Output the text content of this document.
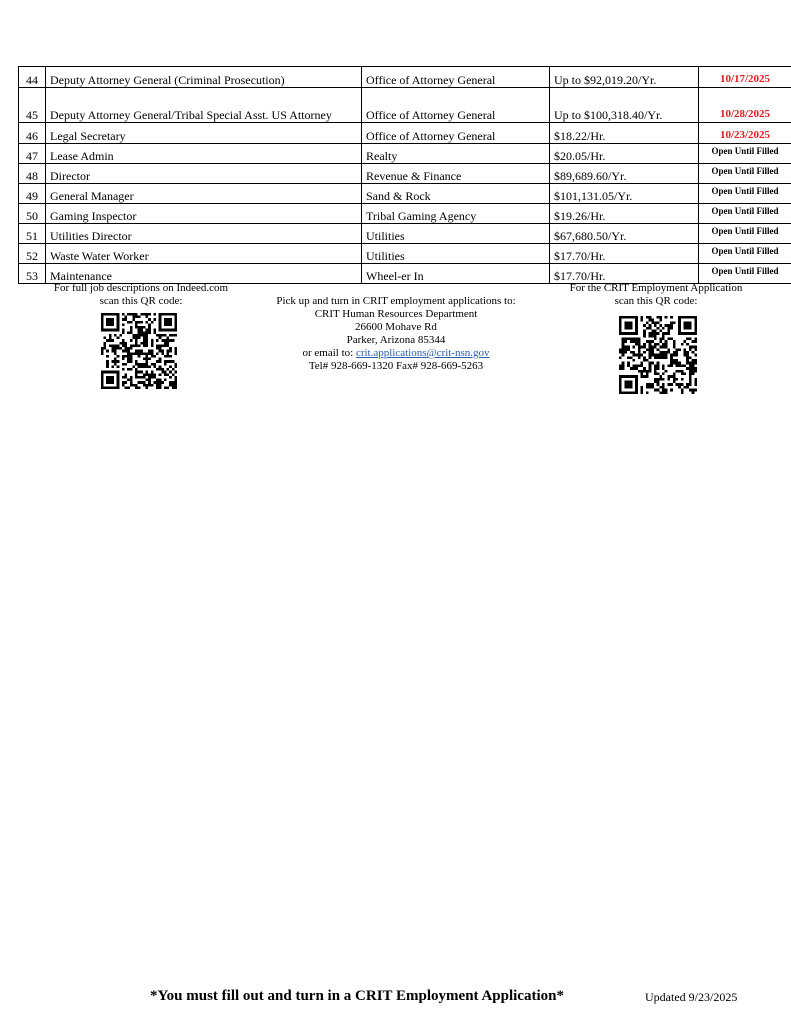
44	Deputy Attorney General (Criminal Prosecution)	Office of Attorney General	Up to $92,019.20/Yr.	10/17/2025
45	Deputy Attorney General/Tribal Special Asst. US Attorney	Office of Attorney General	Up to $100,318.40/Yr.	10/28/2025
46	Legal Secretary	Office of Attorney General	$18.22/Hr.	10/23/2025
47	Lease Admin	Realty	$20.05/Hr.	Open Until Filled
48	Director	Revenue & Finance	$89,689.60/Yr.	Open Until Filled
49	General Manager	Sand & Rock	$101,131.05/Yr.	Open Until Filled
50	Gaming Inspector	Tribal Gaming Agency	$19.26/Hr.	Open Until Filled
51	Utilities Director	Utilities	$67,680.50/Yr.	Open Until Filled
52	Waste Water Worker	Utilities	$17.70/Hr.	Open Until Filled
53	Maintenance	Wheel-er In	$17.70/Hr.	Open Until Filled
For full job descriptions on Indeed.com
scan this QR code:	Pick up and turn in CRIT employment applications to:
CRIT Human Resources Department
26600 Mohave Rd
Parker, Arizona 85344
or email to: crit.applications@crit-nsn.gov
Tel# 928-669-1320 Fax# 928-669-5263
For the CRIT Employment Application
scan this QR code:
*You must fill out and turn in a CRIT Employment Application*	Updated 9/23/2025
